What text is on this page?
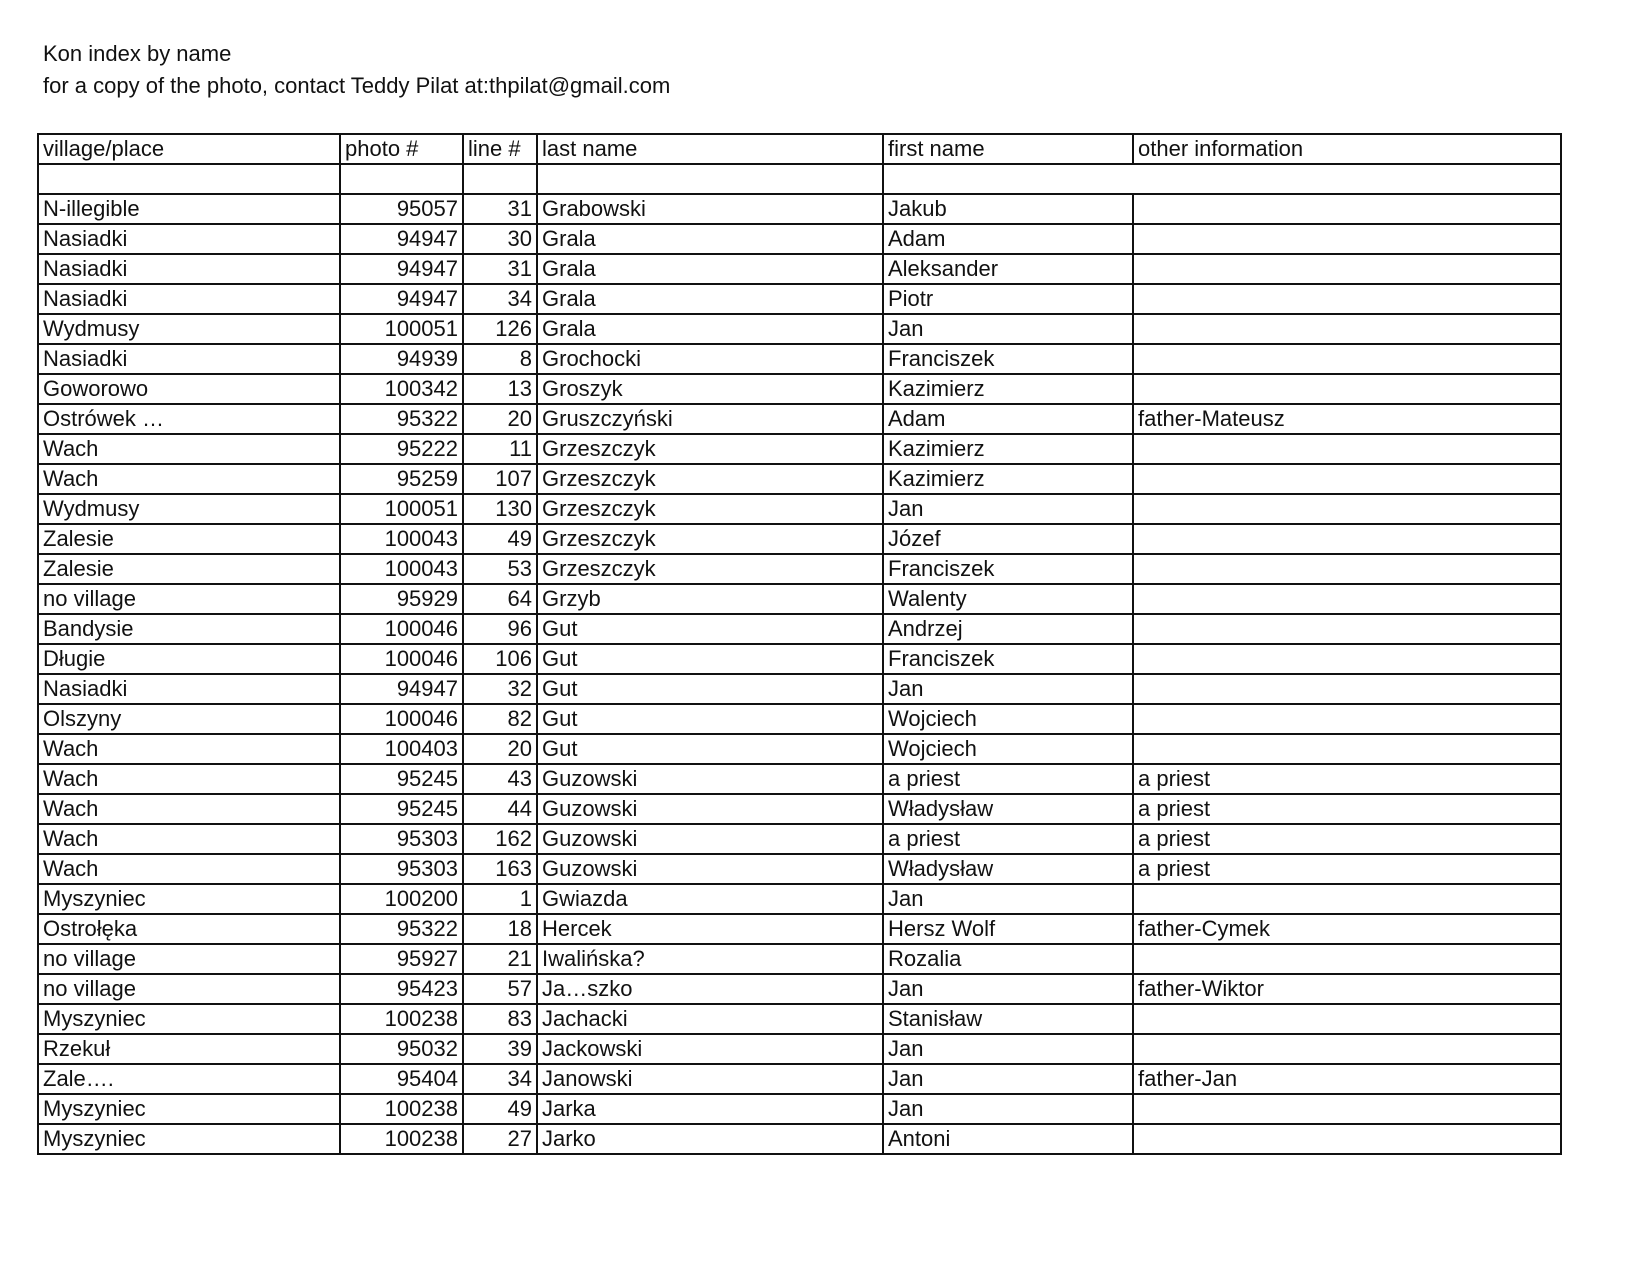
Kon index by name
for a copy of the photo, contact Teddy Pilat at:thpilat@gmail.com
village/place	photo #	line #	last name	first name	other information

N-illegible	95057	31	Grabowski	Jakub	
Nasiadki	94947	30	Grala	Adam	
Nasiadki	94947	31	Grala	Aleksander	
Nasiadki	94947	34	Grala	Piotr	
Wydmusy	100051	126	Grala	Jan	
Nasiadki	94939	8	Grochocki	Franciszek	
Goworowo	100342	13	Groszyk	Kazimierz	
Ostrówek …	95322	20	Gruszczyński	Adam	father-Mateusz
Wach	95222	11	Grzeszczyk	Kazimierz	
Wach	95259	107	Grzeszczyk	Kazimierz	
Wydmusy	100051	130	Grzeszczyk	Jan	
Zalesie	100043	49	Grzeszczyk	Józef	
Zalesie	100043	53	Grzeszczyk	Franciszek	
no village	95929	64	Grzyb	Walenty	
Bandysie	100046	96	Gut	Andrzej	
Długie	100046	106	Gut	Franciszek	
Nasiadki	94947	32	Gut	Jan	
Olszyny	100046	82	Gut	Wojciech	
Wach	100403	20	Gut	Wojciech	
Wach	95245	43	Guzowski	a priest	a priest
Wach	95245	44	Guzowski	Władysław	a priest
Wach	95303	162	Guzowski	a priest	a priest
Wach	95303	163	Guzowski	Władysław	a priest
Myszyniec	100200	1	Gwiazda	Jan	
Ostrołęka	95322	18	Hercek	Hersz Wolf	father-Cymek
no village	95927	21	Iwalińska?	Rozalia	
no village	95423	57	Ja…szko	Jan	father-Wiktor
Myszyniec	100238	83	Jachacki	Stanisław	
Rzekuł	95032	39	Jackowski	Jan	
Zale….	95404	34	Janowski	Jan	father-Jan
Myszyniec	100238	49	Jarka	Jan	
Myszyniec	100238	27	Jarko	Antoni	
